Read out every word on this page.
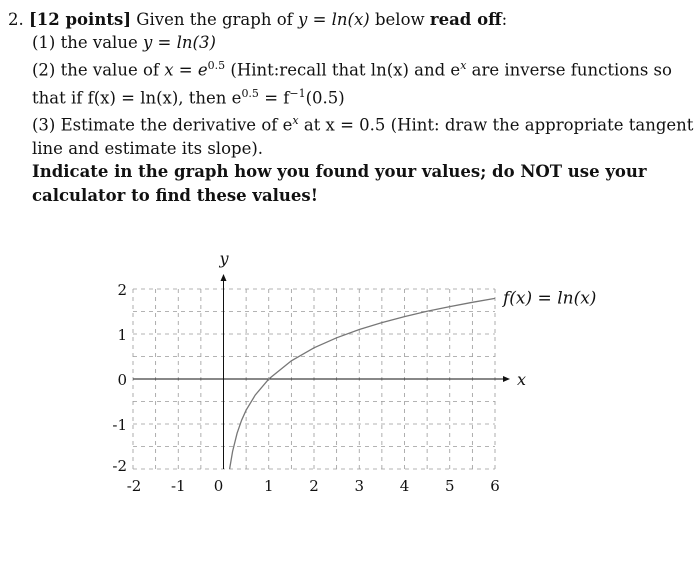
2. [12 points] Given the graph of y = ln(x) below read off:
(1) the value y = ln(3)
(2) the value of $x = e^{0.5}$ (Hint:recall that ln(x) and $e^x$ are inverse functions so
that if f(x) = ln(x), then $e^{0.5} = f^{-1}(0.5)$
(3) Estimate the derivative of $e^x$ at x = 0.5 (Hint: draw the appropriate tangent
line and estimate its slope).
Indicate in the graph how you found your values; do NOT use your
calculator to find these values!
-2 -1 0	1 2 3 4 5 6
-2
-1
0
1
2
x
y
f(x) = ln(x)
